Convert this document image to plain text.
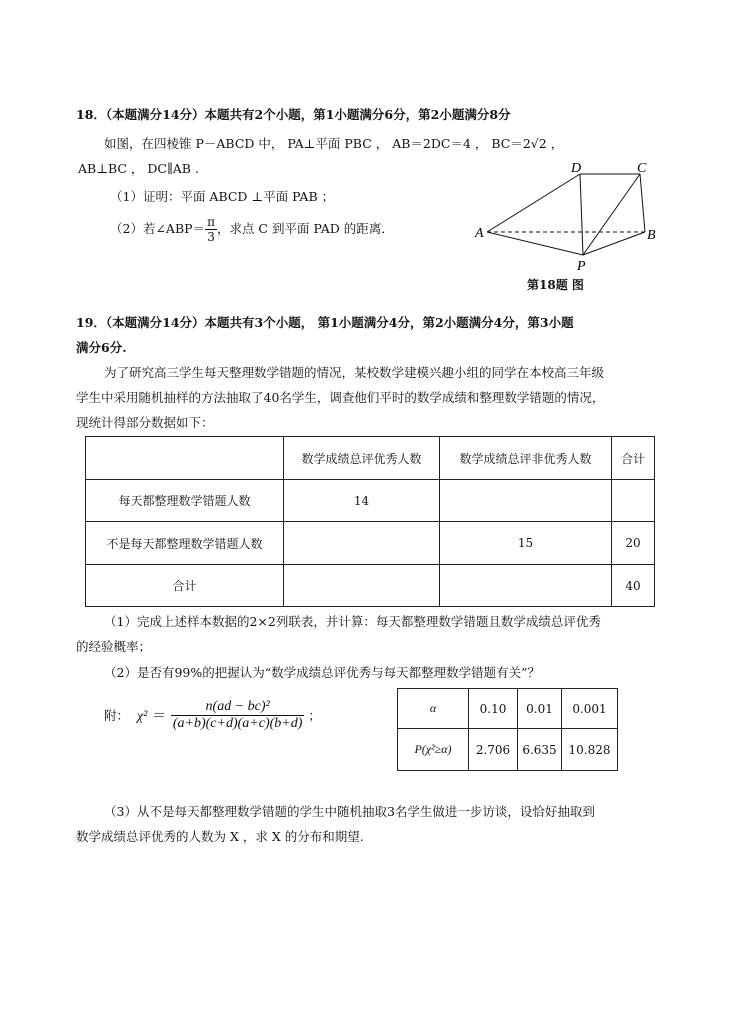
18．（本题满分14分）本题共有2个小题，第1小题满分6分，第2小题满分8分
如图，在四棱锥 P－ABCD 中， PA⊥平面 PBC ， AB＝2DC＝4 ， BC＝2√2 ，
AB⊥BC ， DC∥AB .
（1）证明：平面 ABCD ⊥平面 PAB ；
（2）若∠ABP＝ $\frac{\pi}{3}$ ，求点 C 到平面 PAD 的距离．	A	B
C
D
P
第18题 图
19．（本题满分14分）本题共有3个小题， 第1小题满分4分，第2小题满分4分，第3小题
满分6分.
为了研究高三学生每天整理数学错题的情况，某校数学建模兴趣小组的同学在本校高三年级
学生中采用随机抽样的方法抽取了40名学生，调查他们平时的数学成绩和整理数学错题的情况，
现统计得部分数据如下：
	数学成绩总评优秀人数	数学成绩总评非优秀人数	合计
每天都整理数学错题人数	14		
不是每天都整理数学错题人数		15	20
合计			40
（1）完成上述样本数据的2×2列联表，并计算：每天都整理数学错题且数学成绩总评优秀
的经验概率；
（2）是否有99%的把握认为“数学成绩总评优秀与每天都整理数学错题有关”？
附： $\chi^2 = \frac{\text{n(ad − bc)²}}{(a+b)(c+d)(a+c)(b+d)}$ ；
α	0.10	0.01	0.001
P(χ²≥α)	2.706	6.635	10.828
（3）从不是每天都整理数学错题的学生中随机抽取3名学生做进一步访谈，设恰好抽取到
数学成绩总评优秀的人数为 X ，求 X 的分布和期望.
